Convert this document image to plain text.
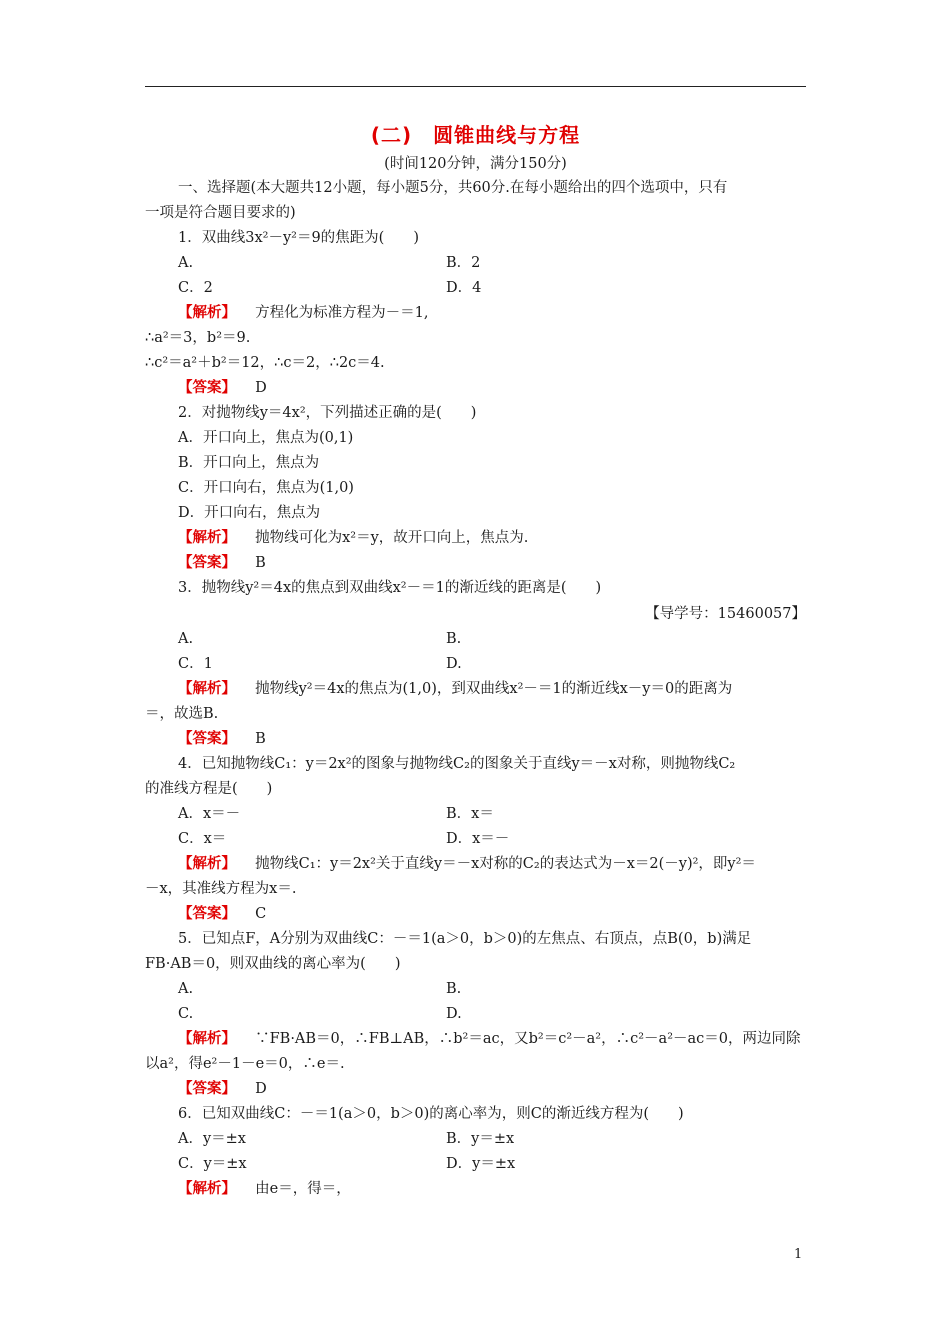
(二)　圆锥曲线与方程
(时间120分钟，满分150分)
一、选择题(本大题共12小题，每小题5分，共60分.在每小题给出的四个选项中，只有
一项是符合题目要求的)
1．双曲线3x²－y²＝9的焦距为(　　)
A.	B．2
C．2	D．4
【解析】 　方程化为标准方程为－＝1,
∴a²＝3，b²＝9.
∴c²＝a²＋b²＝12，∴c＝2，∴2c＝4.
【答案】 　D
2．对抛物线y＝4x²，下列描述正确的是(　　)
A．开口向上，焦点为(0,1)
B．开口向上，焦点为
C．开口向右，焦点为(1,0)
D．开口向右，焦点为
【解析】 　抛物线可化为x²＝y，故开口向上，焦点为.
【答案】 　B
3．抛物线y²＝4x的焦点到双曲线x²－＝1的渐近线的距离是(　　)
【导学号：15460057】
A.	B.
C．1	D.
【解析】 　抛物线y²＝4x的焦点为(1,0)，到双曲线x²－＝1的渐近线x－y＝0的距离为
＝，故选B.
【答案】 　B
4．已知抛物线C₁：y＝2x²的图象与抛物线C₂的图象关于直线y＝－x对称，则抛物线C₂
的准线方程是(　　)
A．x＝－	B．x＝
C．x＝	D．x＝－
【解析】 　抛物线C₁：y＝2x²关于直线y＝－x对称的C₂的表达式为－x＝2(－y)²，即y²＝
－x，其准线方程为x＝.
【答案】 　C
5．已知点F，A分别为双曲线C：－＝1(a＞0，b＞0)的左焦点、右顶点，点B(0，b)满足
FB·AB＝0，则双曲线的离心率为(　　)
A.	B.
C.	D.
【解析】 　∵FB·AB＝0，∴FB⊥AB，∴b²＝ac，又b²＝c²－a²，∴c²－a²－ac＝0，两边同除
以a²，得e²－1－e＝0，∴e＝.
【答案】 　D
6．已知双曲线C：－＝1(a＞0，b＞0)的离心率为，则C的渐近线方程为(　　)
A．y＝±x	B．y＝±x
C．y＝±x	D．y＝±x
【解析】 　由e＝，得＝，
1
